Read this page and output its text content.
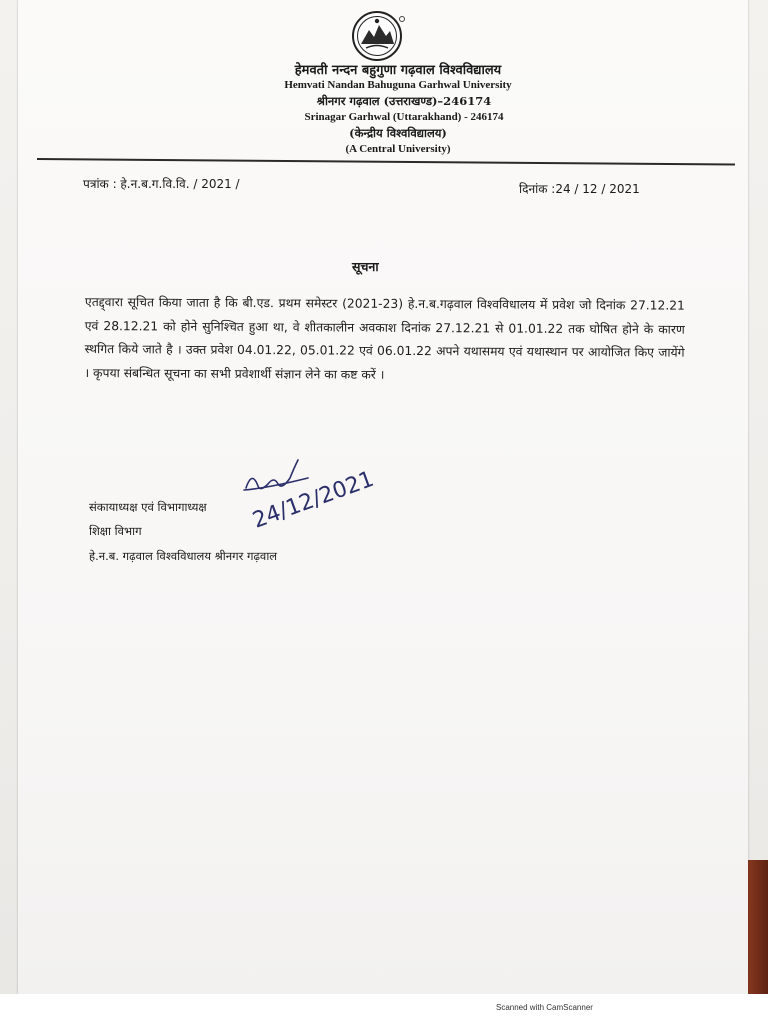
हेमवती नन्दन बहुगुणा गढ़वाल विश्वविद्यालय
Hemvati Nandan Bahuguna Garhwal University
श्रीनगर गढ़वाल (उत्तराखण्ड)–246174
Srinagar Garhwal (Uttarakhand) - 246174
(केन्द्रीय विश्वविद्यालय)
(A Central University)
पत्रांक : हे.न.ब.ग.वि.वि. / 2021 /	दिनांक :24 / 12 / 2021
सूचना
एतद्द्वारा सूचित किया जाता है कि बी.एड. प्रथम समेस्टर (2021-23) हे.न.ब.गढ़वाल विश्वविधालय में प्रवेश जो दिनांक 27.12.21 एवं 28.12.21 को होने सुनिश्चित हुआ था, वे शीतकालीन अवकाश दिनांक 27.12.21 से 01.01.22 तक घोषित होने के कारण स्थगित किये जाते है । उक्त प्रवेश 04.01.22, 05.01.22 एवं 06.01.22 अपने यथासमय एवं यथास्थान पर आयोजित किए जायेंगे । कृपया संबन्धित सूचना का सभी प्रवेशार्थी संज्ञान लेने का कष्ट करें ।
24/12/2021
संकायाध्यक्ष एवं विभागाध्यक्ष
शिक्षा विभाग
हे.न.ब. गढ़वाल विश्वविधालय श्रीनगर गढ़वाल
Scanned with CamScanner
